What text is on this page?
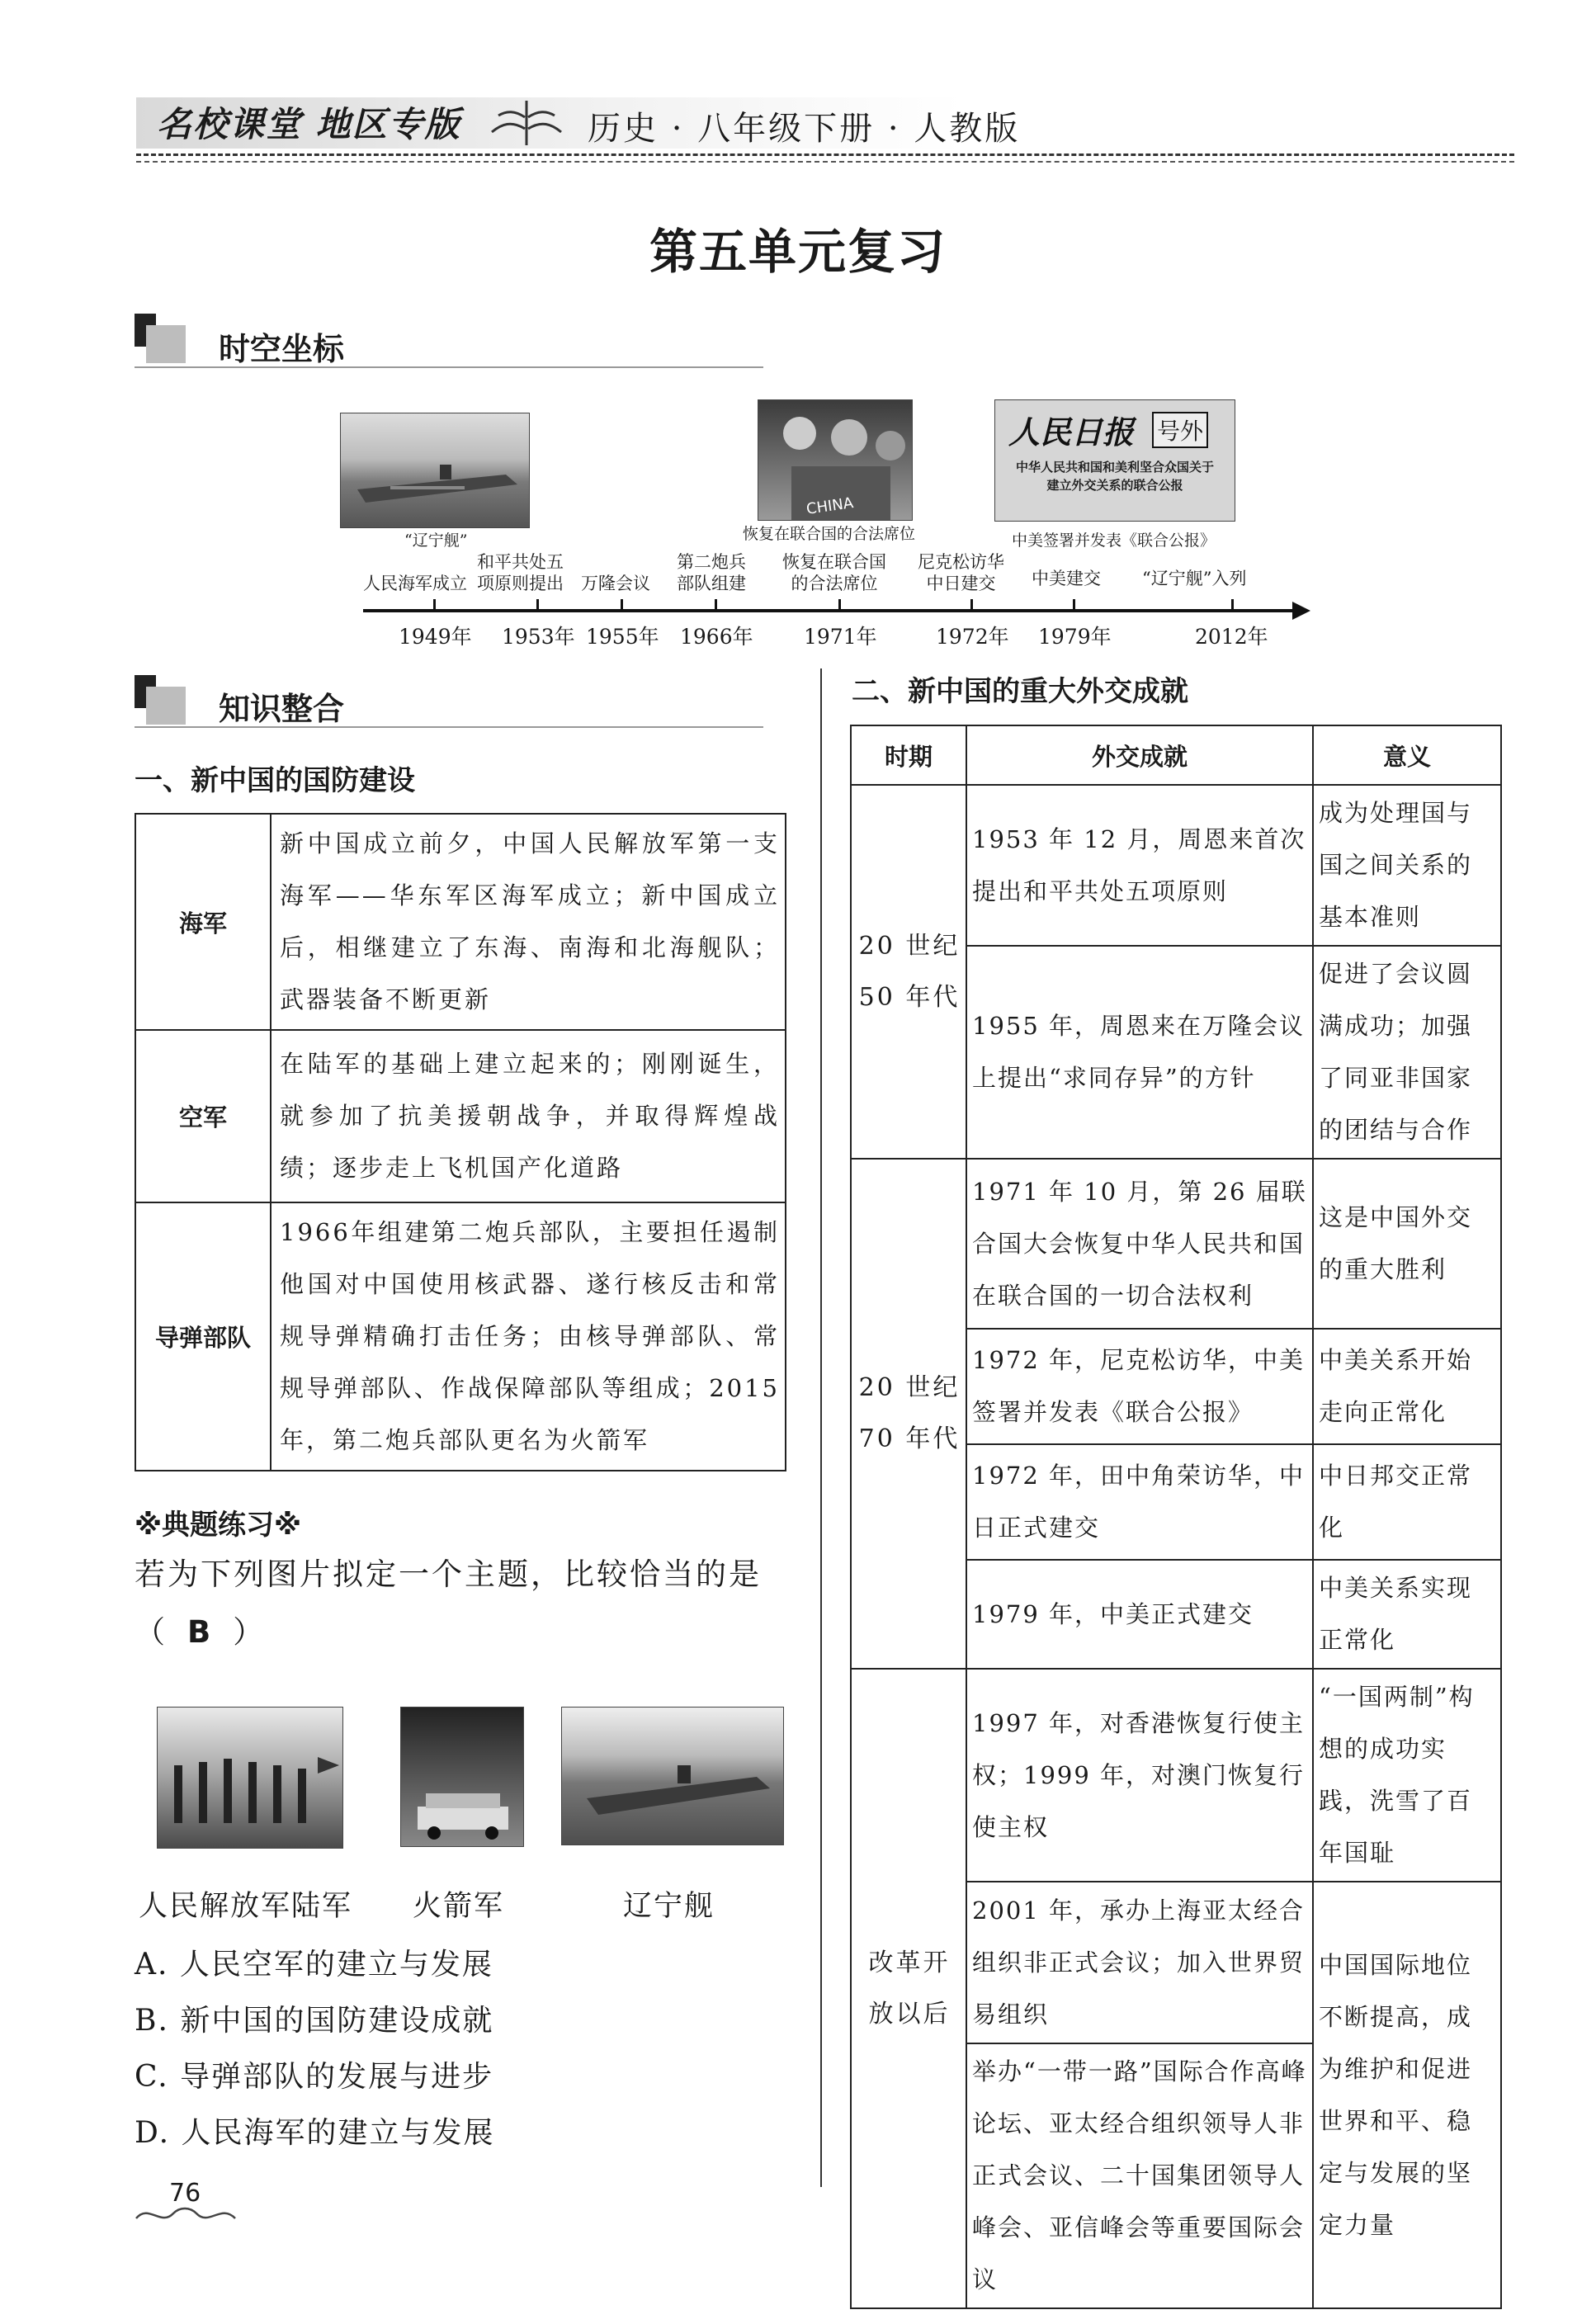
名校课堂 地区专版	历史 · 八年级下册 · 人教版
第五单元复习
时空坐标
“辽宁舰”
CHINA
恢复在联合国的合法席位
人民日报 号外
中华人民共和国和美利坚合众国关于建立外交关系的联合公报
中美签署并发表《联合公报》
人民海军成立
和平共处五
项原则提出 万隆会议
第二炮兵
部队组建
恢复在联合国
的合法席位
尼克松访华
中日建交	中美建交 “辽宁舰”入列
1949年 1953年 1955年 1966年 1971年	1972年 1979年	2012年
知识整合
一、新中国的国防建设
海军	新中国成立前夕，中国人民解放军第一支海军——华东军区海军成立；新中国成立后，相继建立了东海、南海和北海舰队；武器装备不断更新
空军	在陆军的基础上建立起来的；刚刚诞生，就参加了抗美援朝战争，并取得辉煌战绩；逐步走上飞机国产化道路
导弹部队	1966年组建第二炮兵部队，主要担任遏制他国对中国使用核武器、遂行核反击和常规导弹精确打击任务；由核导弹部队、常规导弹部队、作战保障部队等组成；2015年，第二炮兵部队更名为火箭军
※典题练习※
若为下列图片拟定一个主题，比较恰当的是（ B ）
人民解放军陆军 火箭军	辽宁舰
A. 人民空军的建立与发展
B. 新中国的国防建设成就
C. 导弹部队的发展与进步
D. 人民海军的建立与发展
二、新中国的重大外交成就
时期	外交成就	意义
20 世纪
50 年代	1953 年 12 月，周恩来首次提出和平共处五项原则	成为处理国与国之间关系的基本准则
	1955 年，周恩来在万隆会议上提出“求同存异”的方针	促进了会议圆满成功；加强了同亚非国家的团结与合作
20 世纪
70 年代	1971 年 10 月，第 26 届联合国大会恢复中华人民共和国在联合国的一切合法权利	这是中国外交的重大胜利
	1972 年，尼克松访华，中美签署并发表《联合公报》	中美关系开始走向正常化
	1972 年，田中角荣访华，中日正式建交	中日邦交正常化
	1979 年，中美正式建交	中美关系实现正常化
改革开
放以后	1997 年，对香港恢复行使主权；1999 年，对澳门恢复行使主权	“一国两制”构想的成功实践，洗雪了百年国耻
	2001 年，承办上海亚太经合组织非正式会议；加入世界贸易组织	中国国际地位不断提高，成为维护和促进世界和平、稳定与发展的坚定力量
	举办“一带一路”国际合作高峰论坛、亚太经合组织领导人非正式会议、二十国集团领导人峰会、亚信峰会等重要国际会议	
76
